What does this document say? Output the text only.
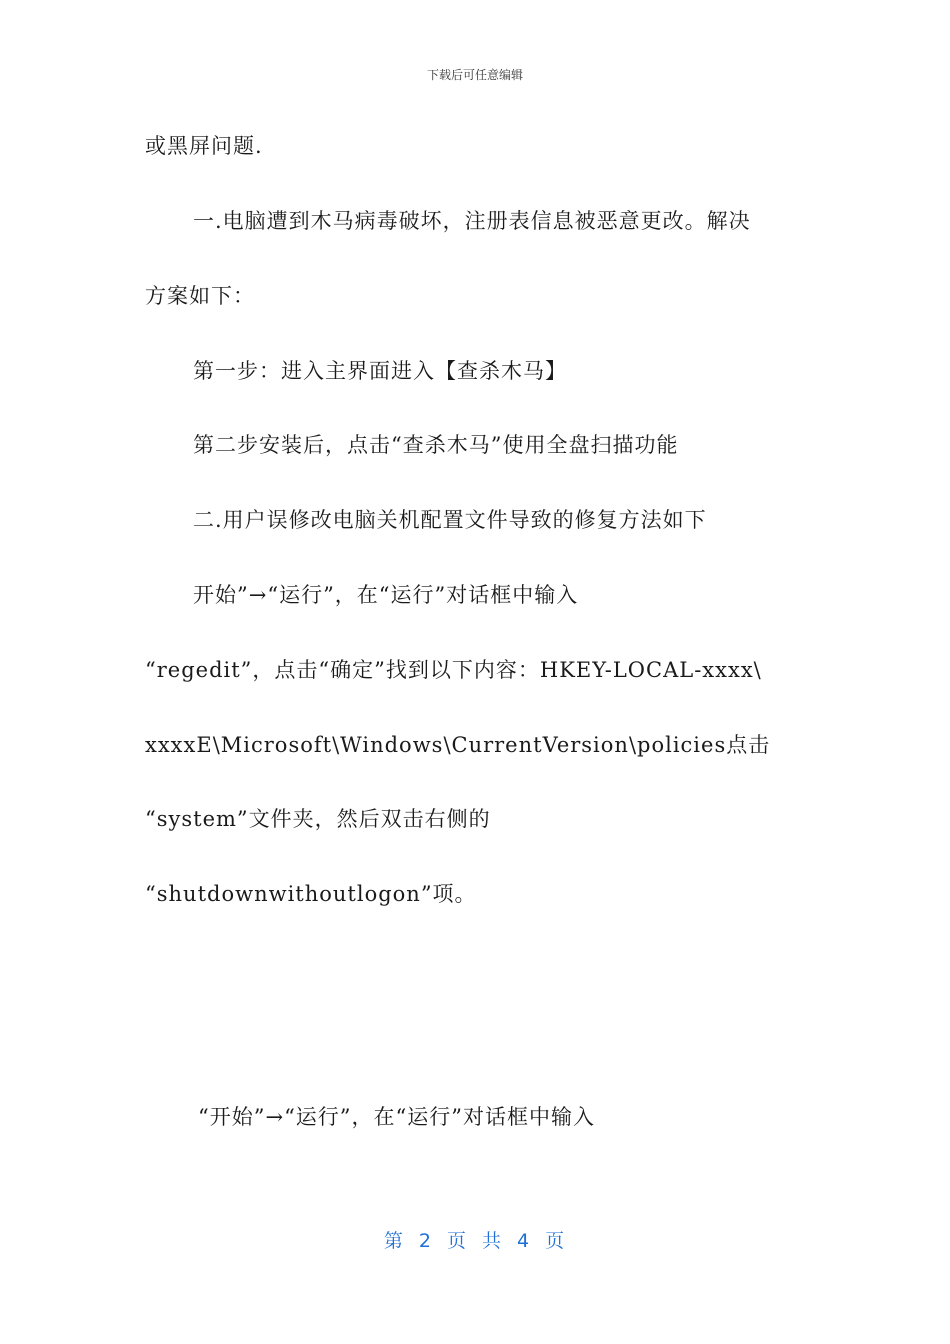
下载后可任意编辑
或黑屏问题.
一.电脑遭到木马病毒破坏，注册表信息被恶意更改。解决
方案如下：
第一步：进入主界面进入【查杀木马】
第二步安装后，点击“查杀木马”使用全盘扫描功能
二.用户误修改电脑关机配置文件导致的修复方法如下
开始”→“运行”，在“运行”对话框中输入
“regedit”，点击“确定”找到以下内容：HKEY-LOCAL-xxxx\
xxxxE\Microsoft\Windows\CurrentVersion\policies点击
“system”文件夹，然后双击右侧的
“shutdownwithoutlogon”项。
“开始”→“运行”，在“运行”对话框中输入
第 2 页 共 4 页
